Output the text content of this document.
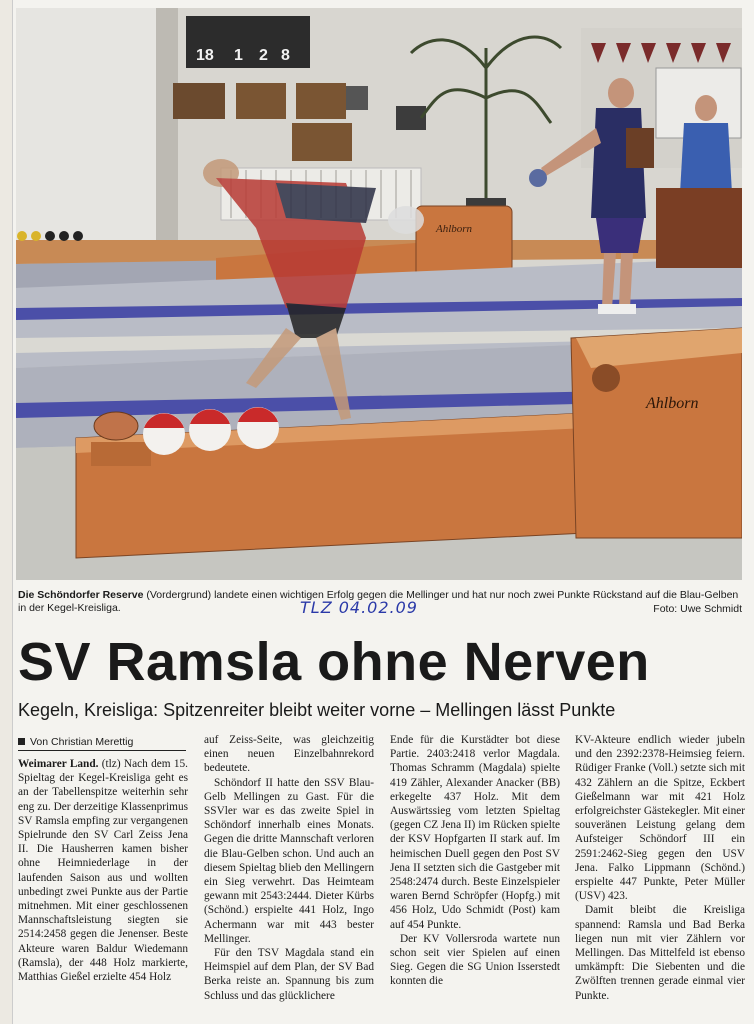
18 1 2 8
Ahlborn
Ahlborn
Die Schöndorfer Reserve (Vordergrund) landete einen wichtigen Erfolg gegen die Mellinger und hat nur noch zwei Punkte Rückstand auf die Blau-Gelben in der Kegel-Kreisliga.	TLZ 04.02.09	Foto: Uwe Schmidt
SV Ramsla ohne Nerven
Kegeln, Kreisliga: Spitzenreiter bleibt weiter vorne – Mellingen lässt Punkte
Von Christian Merettig

Weimarer Land. (tlz) Nach dem 15. Spieltag der Kegel-Kreisliga geht es an der Tabellenspitze weiterhin sehr eng zu. Der derzeitige Klassenprimus SV Ramsla empfing zur vergangenen Spielrunde den SV Carl Zeiss Jena II. Die Hausherren kamen bisher ohne Heimniederlage in der laufenden Saison aus und wollten unbedingt zwei Punkte aus der Partie mitnehmen. Mit einer geschlossenen Mannschaftsleistung siegten sie 2514:2458 gegen die Jenenser. Beste Akteure waren Baldur Wiedemann (Ramsla), der 448 Holz markierte, Matthias Gießel erzielte 454 Holz

auf Zeiss-Seite, was gleichzeitig einen neuen Einzelbahnrekord bedeutete.

Schöndorf II hatte den SSV Blau-Gelb Mellingen zu Gast. Für die SSVler war es das zweite Spiel in Schöndorf innerhalb eines Monats. Gegen die dritte Mannschaft verloren die Blau-Gelben schon. Und auch an diesem Spieltag blieb den Mellingern ein Sieg verwehrt. Das Heimteam gewann mit 2543:2444. Dieter Kürbs (Schönd.) erspielte 441 Holz, Ingo Achermann war mit 443 bester Mellinger.

Für den TSV Magdala stand ein Heimspiel auf dem Plan, der SV Bad Berka reiste an. Spannung bis zum Schluss und das glücklichere

Ende für die Kurstädter bot diese Partie. 2403:2418 verlor Magdala. Thomas Schramm (Magdala) spielte 419 Zähler, Alexander Anacker (BB) erkegelte 437 Holz. Mit dem Auswärtssieg vom letzten Spieltag (gegen CZ Jena II) im Rücken spielte der KSV Hopfgarten II stark auf. Im heimischen Duell gegen den Post SV Jena II setzten sich die Gastgeber mit 2548:2474 durch. Beste Einzelspieler waren Bernd Schröpfer (Hopfg.) mit 456 Holz, Udo Schmidt (Post) kam auf 454 Punkte.

Der KV Vollersroda wartete nun schon seit vier Spielen auf einen Sieg. Gegen die SG Union Isserstedt konnten die

KV-Akteure endlich wieder jubeln und den 2392:2378-Heimsieg feiern. Rüdiger Franke (Voll.) setzte sich mit 432 Zählern an die Spitze, Eckbert Gießelmann war mit 421 Holz erfolgreichster Gästekegler. Mit einer souveränen Leistung gelang dem Aufsteiger Schöndorf III ein 2591:2462-Sieg gegen den USV Jena. Falko Lippmann (Schönd.) erspielte 447 Punkte, Peter Müller (USV) 423.

Damit bleibt die Kreisliga spannend: Ramsla und Bad Berka liegen nun mit vier Zählern vor Mellingen. Das Mittelfeld ist ebenso umkämpft: Die Siebenten und die Zwölften trennen gerade einmal vier Punkte.
